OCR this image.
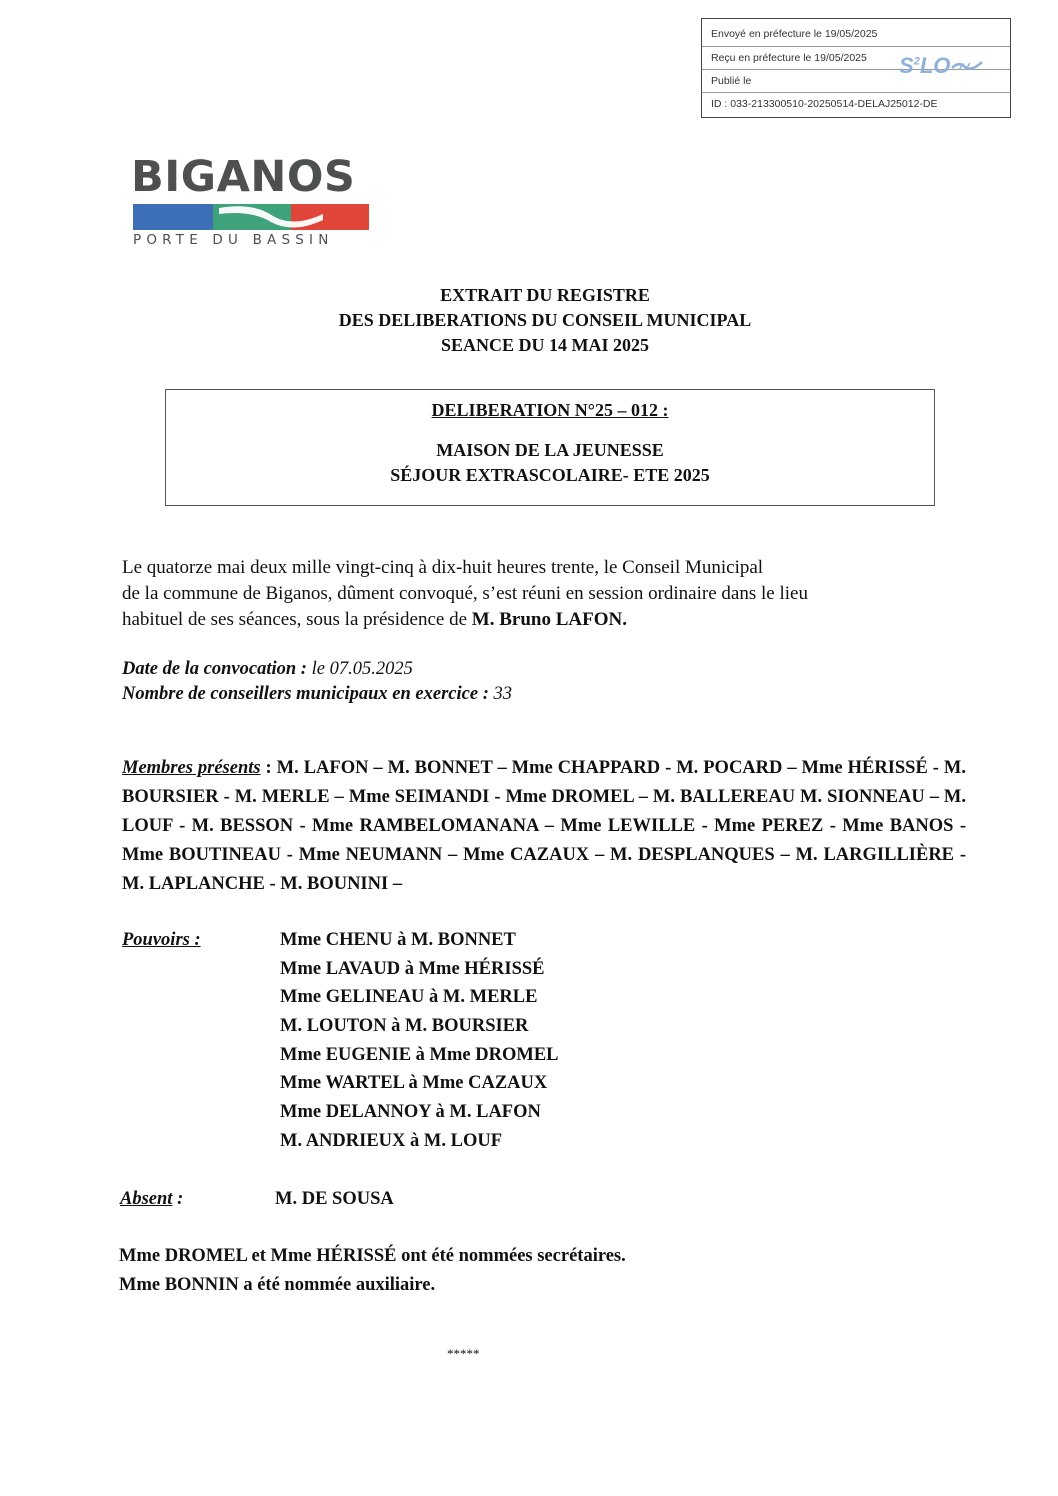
Envoyé en préfecture le 19/05/2025
Reçu en préfecture le 19/05/2025
Publié le
ID : 033-213300510-20250514-DELAJ25012-DE
$S^2LO$
BIGANOS
PORTE DU BASSIN
EXTRAIT DU REGISTRE
DES DELIBERATIONS DU CONSEIL MUNICIPAL
SEANCE DU 14 MAI 2025
DELIBERATION N°25 – 012 :
MAISON DE LA JEUNESSE
SÉJOUR EXTRASCOLAIRE- ETE 2025
Le quatorze mai deux mille vingt-cinq à dix-huit heures trente, le Conseil Municipal
de la commune de Biganos, dûment convoqué, s’est réuni en session ordinaire dans le lieu
habituel de ses séances, sous la présidence de M. Bruno LAFON.
Date de la convocation : le 07.05.2025
Nombre de conseillers municipaux en exercice : 33
Membres présents : M. LAFON – M. BONNET – Mme CHAPPARD - M. POCARD – Mme HÉRISSÉ - M. BOURSIER - M. MERLE – Mme SEIMANDI - Mme DROMEL – M. BALLEREAU M. SIONNEAU – M. LOUF - M. BESSON - Mme RAMBELOMANANA – Mme LEWILLE - Mme PEREZ - Mme BANOS - Mme BOUTINEAU - Mme NEUMANN – Mme CAZAUX – M. DESPLANQUES – M. LARGILLIÈRE - M. LAPLANCHE - M. BOUNINI –
Pouvoirs :	Mme CHENU à M. BONNET
Mme LAVAUD à Mme HÉRISSÉ
Mme GELINEAU à M. MERLE
M. LOUTON à M. BOURSIER
Mme EUGENIE à Mme DROMEL
Mme WARTEL à Mme CAZAUX
Mme DELANNOY à M. LAFON
M. ANDRIEUX à M. LOUF
Absent :	M. DE SOUSA
Mme DROMEL et Mme HÉRISSÉ ont été nommées secrétaires.
Mme BONNIN a été nommée auxiliaire.
*****
